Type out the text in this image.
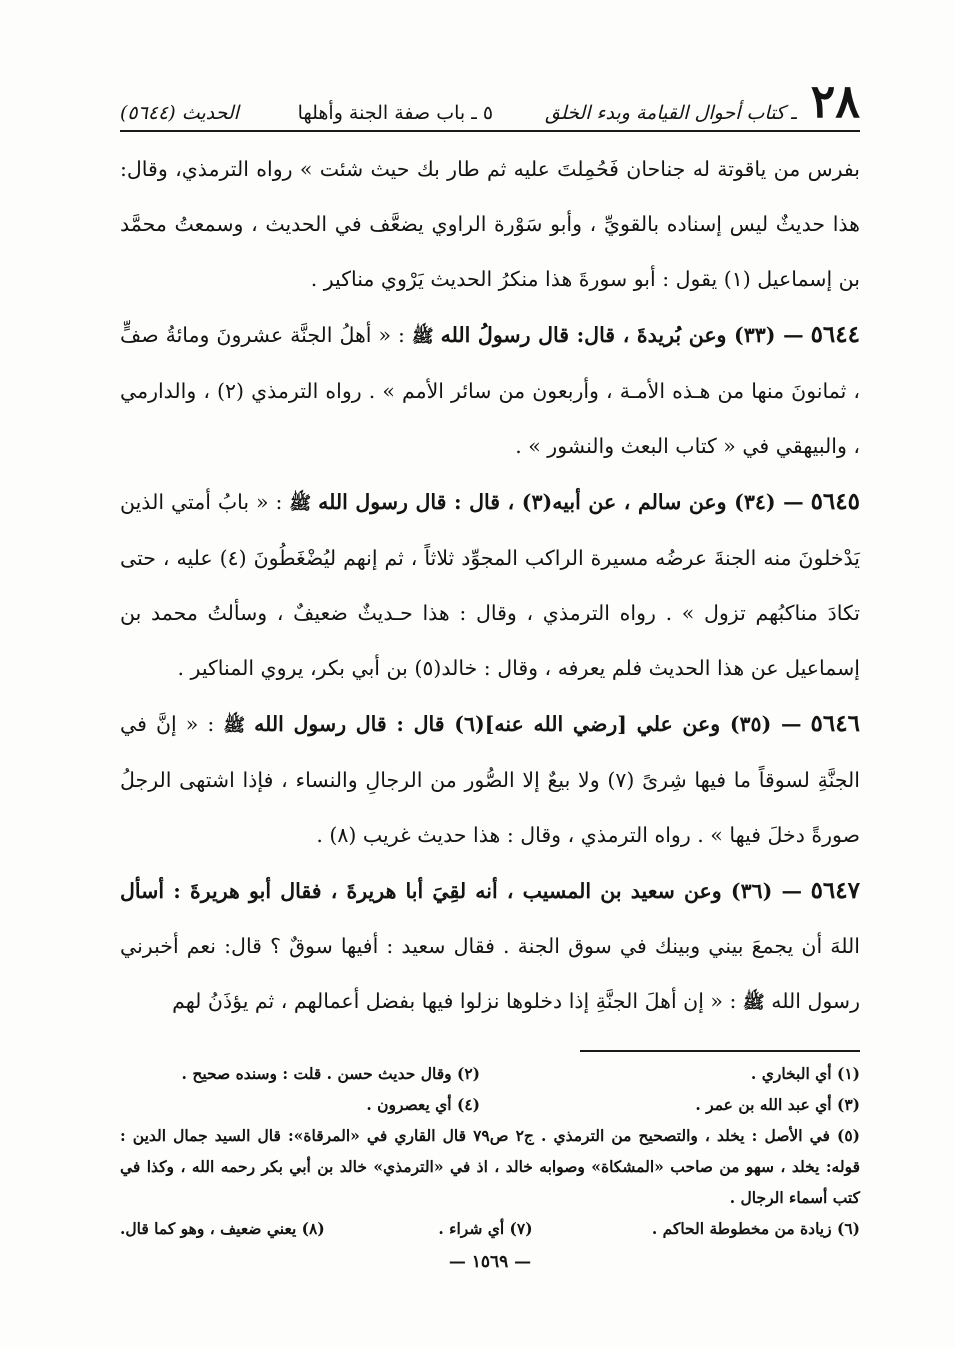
٢٨
ـ كتاب أحوال القيامة وبدء الخلق
٥ ـ باب صفة الجنة وأهلها
الحديث (٥٦٤٤)

بفرس من ياقوتة له جناحان فَحُمِلتَ عليه ثم طار بك حيث شئت » رواه الترمذي، وقال: هذا حديثٌ ليس إسناده بالقويِّ ، وأبو سَوْرة الراوي يضعَّف في الحديث ، وسمعتُ محمَّد بن إسماعيل (١) يقول : أبو سورةَ هذا منكرُ الحديث يَرْوي مناكير .

٥٦٤٤ — (٣٣) وعن بُريدةَ ، قال: قال رسولُ الله ﷺ : « أهلُ الجنَّة عشرونَ ومائةُ صفٍّ ، ثمانونَ منها من هـذه الأمـة ، وأربعون من سائر الأمم » . رواه الترمذي (٢) ، والدارمي ، والبيهقي في « كتاب البعث والنشور » .

٥٦٤٥ — (٣٤) وعن سالم ، عن أبيه(٣) ، قال : قال رسول الله ﷺ : « بابُ أمتي الذين يَدْخلونَ منه الجنةَ عرضُه مسيرة الراكب المجوِّد ثلاثاً ، ثم إنهم ليُضْغَطُونَ (٤) عليه ، حتى تكادَ مناكبُهم تزول » . رواه الترمذي ، وقال : هذا حـديثٌ ضعيفٌ ، وسألتُ محمد بن إسماعيل عن هذا الحديث فلم يعرفه ، وقال : خالد(٥) بن أبي بكر، يروي المناكير .

٥٦٤٦ — (٣٥) وعن علي [رضي الله عنه](٦) قال : قال رسول الله ﷺ : « إنَّ في الجنَّةِ لسوقاً ما فيها شِرىً (٧) ولا بيعٌ إلا الصُّور من الرجالِ والنساء ، فإذا اشتهى الرجلُ صورةً دخلَ فيها » . رواه الترمذي ، وقال : هذا حديث غريب (٨) .

٥٦٤٧ — (٣٦) وعن سعيد بن المسيب ، أنه لقِيَ أبا هريرةَ ، فقال أبو هريرةَ : أسأل اللهَ أن يجمعَ بيني وبينك في سوق الجنة . فقال سعيد : أفيها سوقٌ ؟ قال: نعم أخبرني رسول الله ﷺ : « إن أهلَ الجنَّةِ إذا دخلوها نزلوا فيها بفضل أعمالهم ، ثم يؤذَنُ لهم

(١) أي البخاري .
(٢) وقال حديث حسن . قلت : وسنده صحيح .
(٣) أي عبد الله بن عمر .
(٤) أي يعصرون .
(٥) في الأصل : يخلد ، والتصحيح من الترمذي . ج٢ ص٧٩ قال القاري في «المرقاة»: قال السيد جمال الدين : قوله: يخلد ، سهو من صاحب «المشكاة» وصوابه خالد ، اذ في «الترمذي» خالد بن أبي بكر رحمه الله ، وكذا في كتب أسماء الرجال .
(٦) زيادة من مخطوطة الحاكم .
(٧) أي شراء .
(٨) يعني ضعيف ، وهو كما قال.
— ١٥٦٩ —
